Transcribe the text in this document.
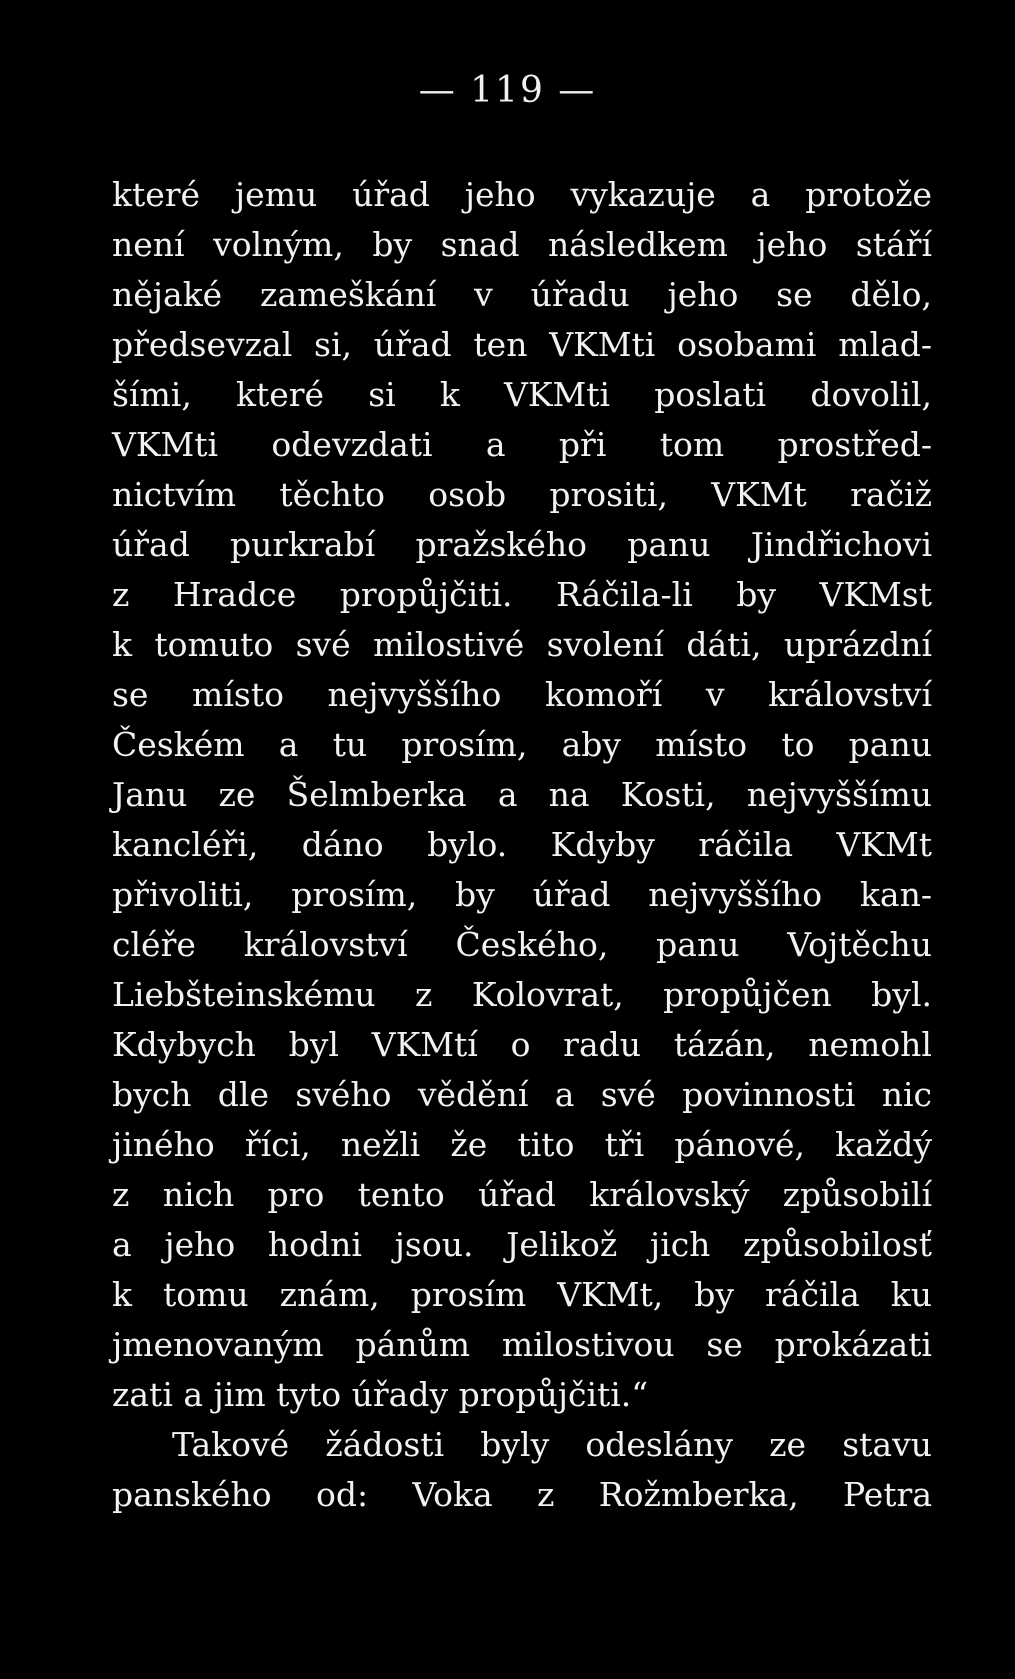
— 119 —
které jemu úřad jeho vykazuje a protože
není volným, by snad následkem jeho stáří
nějaké zameškání v úřadu jeho se dělo,
předsevzal si, úřad ten VKMti osobami mlad-
šími, které si k VKMti poslati dovolil,
VKMti odevzdati a při tom prostřed-
nictvím těchto osob prositi, VKMt račiž
úřad purkrabí pražského panu Jindřichovi
z Hradce propůjčiti. Ráčila-li by VKMst
k tomuto své milostivé svolení dáti, uprázdní
se místo nejvyššího komoří v království
Českém a tu prosím, aby místo to panu
Janu ze Šelmberka a na Kosti, nejvyššímu
kancléři, dáno bylo. Kdyby ráčila VKMt
přivoliti, prosím, by úřad nejvyššího kan-
cléře království Českého, panu Vojtěchu
Liebšteinskému z Kolovrat, propůjčen byl.
Kdybych byl VKMtí o radu tázán, nemohl
bych dle svého vědění a své povinnosti nic
jiného říci, nežli že tito tři pánové, každý
z nich pro tento úřad královský způsobilí
a jeho hodni jsou. Jelikož jich způsobilosť
k tomu znám, prosím VKMt, by ráčila ku
jmenovaným pánům milostivou se prokázati
zati a jim tyto úřady propůjčiti.“
Takové žádosti byly odeslány ze stavu
panského od: Voka z Rožmberka, Petra
